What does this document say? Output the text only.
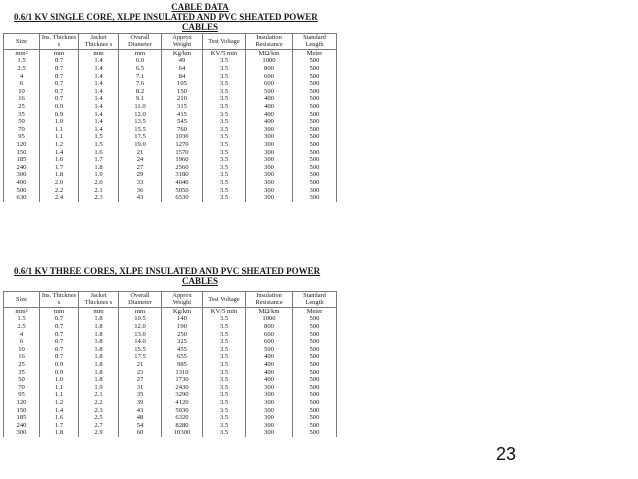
CABLE DATA
0.6/1 KV SINGLE CORE, XLPE INSULATED AND PVC SHEATED POWER
CABLES
Size	Ins. Thicknes s	Jacket Thicknes s	Overall Diameter	Approx Weight	Test Voltage	Insulation Resistance	Standard Length
mm²	mm	mm	mm	Kg/km	KV/5 min	MΩ/km	Meter
1.5	0.7	1.4	6.0	49	3.5	1000	500
2.5	0.7	1.4	6.5	64	3.5	800	500
4	0.7	1.4	7.1	84	3.5	600	500
6	0.7	1.4	7.6	105	3.5	600	500
10	0.7	1.4	8.2	150	3.5	500	500
16	0.7	1.4	9.1	210	3.5	400	500
25	0.9	1.4	11.0	315	3.5	400	500
35	0.9	1.4	12.0	415	3.5	400	500
50	1.0	1.4	13.5	545	3.5	400	500
70	1.1	1.4	15.5	760	3.5	300	500
95	1.1	1.5	17.5	1030	3.5	300	500
120	1.2	1.5	19.0	1270	3.5	300	500
150	1.4	1.6	21	1570	3.5	300	500
185	1.6	1.7	24	1960	3.5	300	500
240	1.7	1.8	27	2560	3.5	300	500
300	1.8	1.9	29	3180	3.5	300	500
400	2.0	2.0	33	4040	3.5	300	500
500	2.2	2.1	36	5050	3.5	300	300
630	2.4	2.3	43	6530	3.5	300	300
0.6/1 KV THREE CORES, XLPE INSULATED AND PVC SHEATED POWER
CABLES
Size	Ins. Thicknes s	Jacket Thicknes s	Overall Diameter	Approx Weight	Test Voltage	Insulation Resistance	Standard Length
mm²	mm	mm	mm	Kg/km	KV/5 min	MΩ/km	Meter
1.5	0.7	1.8	10.5	140	3.5	1000	500
2.5	0.7	1.8	12.0	190	3.5	800	500
4	0.7	1.8	13.0	250	3.5	600	500
6	0.7	1.8	14.0	325	3.5	600	500
10	0.7	1.8	15.5	455	3.5	500	500
16	0.7	1.8	17.5	655	3.5	400	500
25	0.9	1.8	21	985	3.5	400	500
35	0.9	1.8	23	1310	3.5	400	500
50	1.0	1.8	27	1730	3.5	400	500
70	1.1	1.9	31	2430	3.5	300	500
95	1.1	2.1	35	3290	3.5	300	500
120	1.2	2.2	39	4120	3.5	300	500
150	1.4	2.3	43	5030	3.5	300	500
185	1.6	2.5	48	6320	3.5	300	500
240	1.7	2.7	54	8280	3.5	300	500
300	1.8	2.9	60	10300	3.5	300	500
23
